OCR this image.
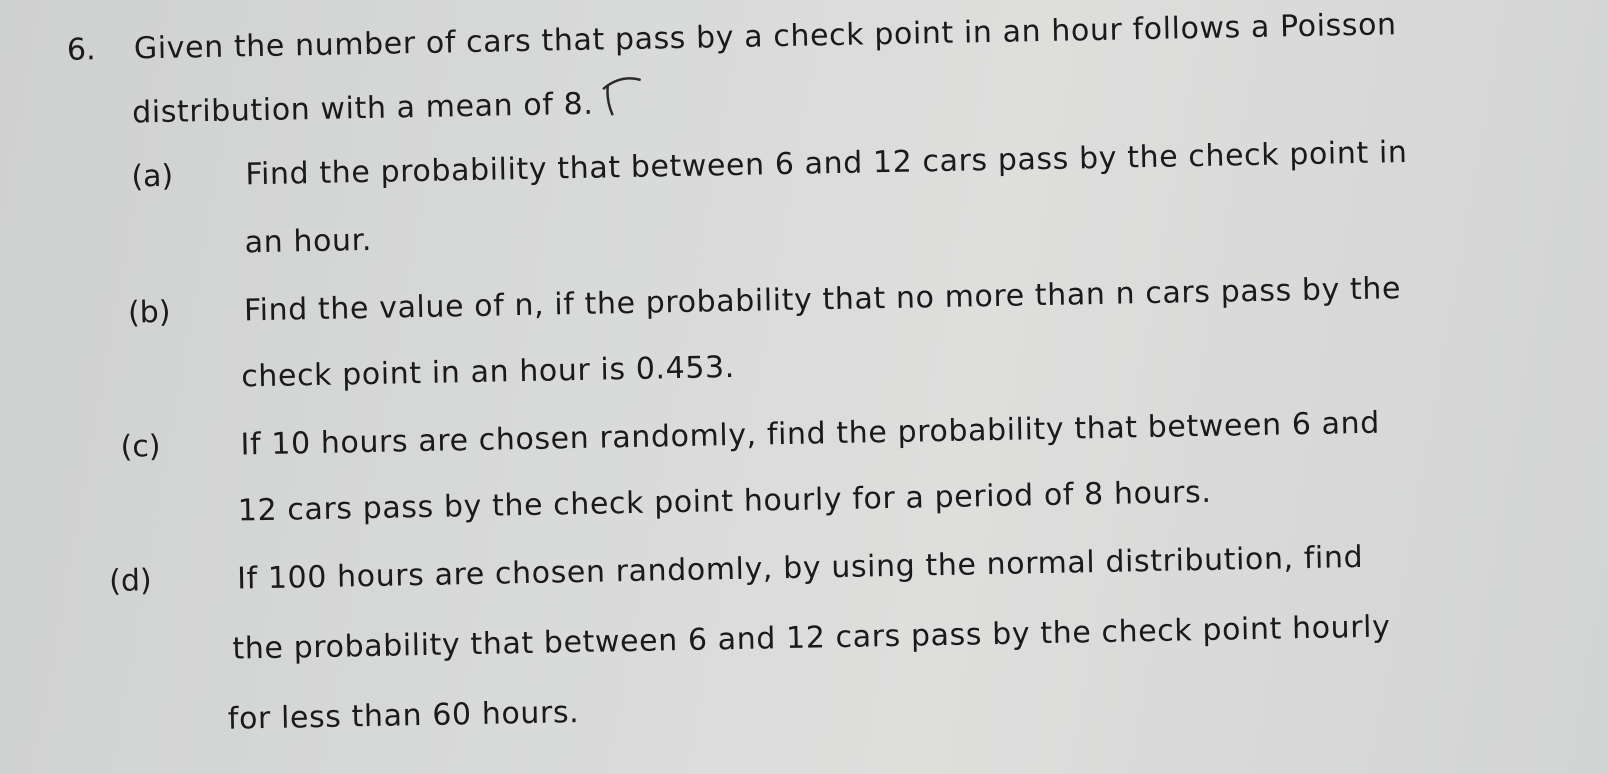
6. Given the number of cars that pass by a check point in an hour follows a Poisson
distribution with a mean of 8.
(a) Find the probability that between 6 and 12 cars pass by the check point in
an hour.
(b) Find the value of n, if the probability that no more than n cars pass by the
check point in an hour is 0.453.
(c)	If 10 hours are chosen randomly, find the probability that between 6 and
12 cars pass by the check point hourly for a period of 8 hours.
(d)	If 100 hours are chosen randomly, by using the normal distribution, find
the probability that between 6 and 12 cars pass by the check point hourly
for less than 60 hours.
